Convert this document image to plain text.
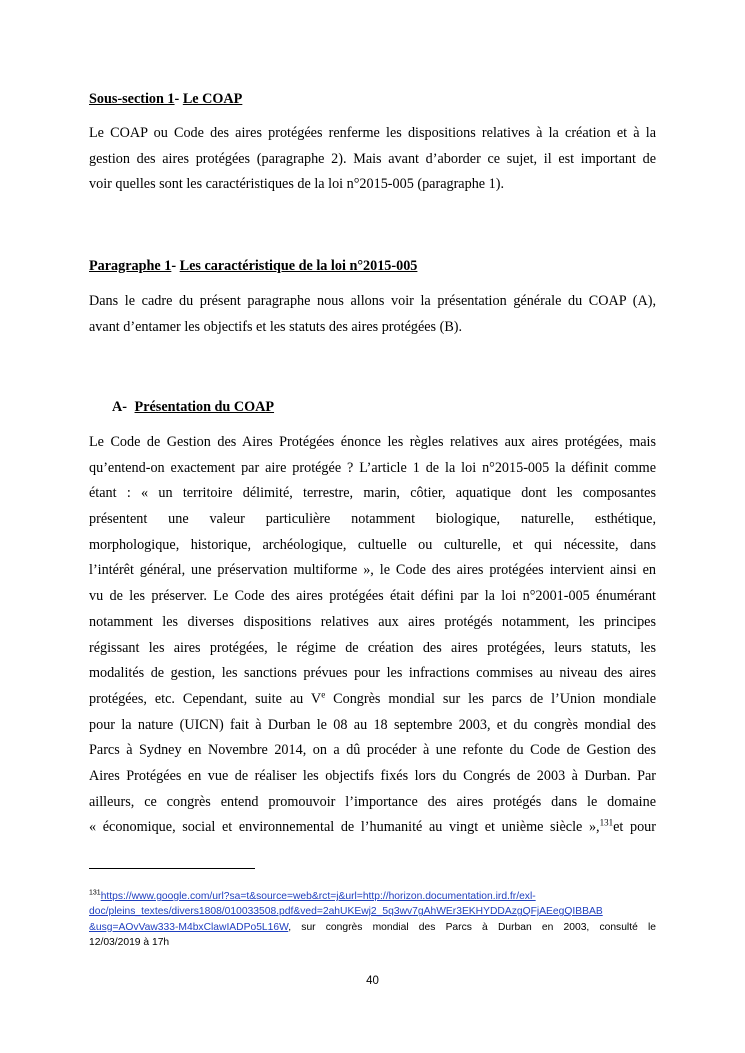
Sous-section 1- Le COAP
Le COAP ou Code des aires protégées renferme les dispositions relatives à la création et à la
gestion des aires protégées (paragraphe 2). Mais avant d’aborder ce sujet, il est important de
voir quelles sont les caractéristiques de la loi n°2015-005 (paragraphe 1).
Paragraphe 1- Les caractéristique de la loi n°2015-005
Dans le cadre du présent paragraphe nous allons voir la présentation générale du COAP (A),
avant d’entamer les objectifs et les statuts des aires protégées (B).
A- Présentation du COAP
Le Code de Gestion des Aires Protégées énonce les règles relatives aux aires protégées, mais
qu’entend-on exactement par aire protégée ? L’article 1 de la loi n°2015-005 la définit comme
étant : « un territoire délimité, terrestre, marin, côtier, aquatique dont les composantes
présentent une valeur particulière notamment biologique, naturelle, esthétique,
morphologique, historique, archéologique, cultuelle ou culturelle, et qui nécessite, dans
l’intérêt général, une préservation multiforme », le Code des aires protégées intervient ainsi en
vu de les préserver. Le Code des aires protégées était défini par la loi n°2001-005 énumérant
notamment les diverses dispositions relatives aux aires protégés notamment, les principes
régissant les aires protégées, le régime de création des aires protégées, leurs statuts, les
modalités de gestion, les sanctions prévues pour les infractions commises au niveau des aires
protégées, etc. Cependant, suite au Ve Congrès mondial sur les parcs de l’Union mondiale
pour la nature (UICN) fait à Durban le 08 au 18 septembre 2003, et du congrès mondial des
Parcs à Sydney en Novembre 2014, on a dû procéder à une refonte du Code de Gestion des
Aires Protégées en vue de réaliser les objectifs fixés lors du Congrés de 2003 à Durban. Par
ailleurs, ce congrès entend promouvoir l’importance des aires protégés dans le domaine
« économique, social et environnemental de l’humanité au vingt et unième siècle »,$^{131}$et pour
$^{131}$https://www.google.com/url?sa=t&source=web&rct=j&url=http://horizon.documentation.ird.fr/exl-
doc/pleins_textes/divers1808/010033508.pdf&ved=2ahUKEwj2_5q3wv7gAhWEr3EKHYDDAzgQFjAEegQIBBAB
&usg=AOvVaw333-M4bxClawIADPo5L16W, sur congrès mondial des Parcs à Durban en 2003, consulté le
12/03/2019 à 17h
40
